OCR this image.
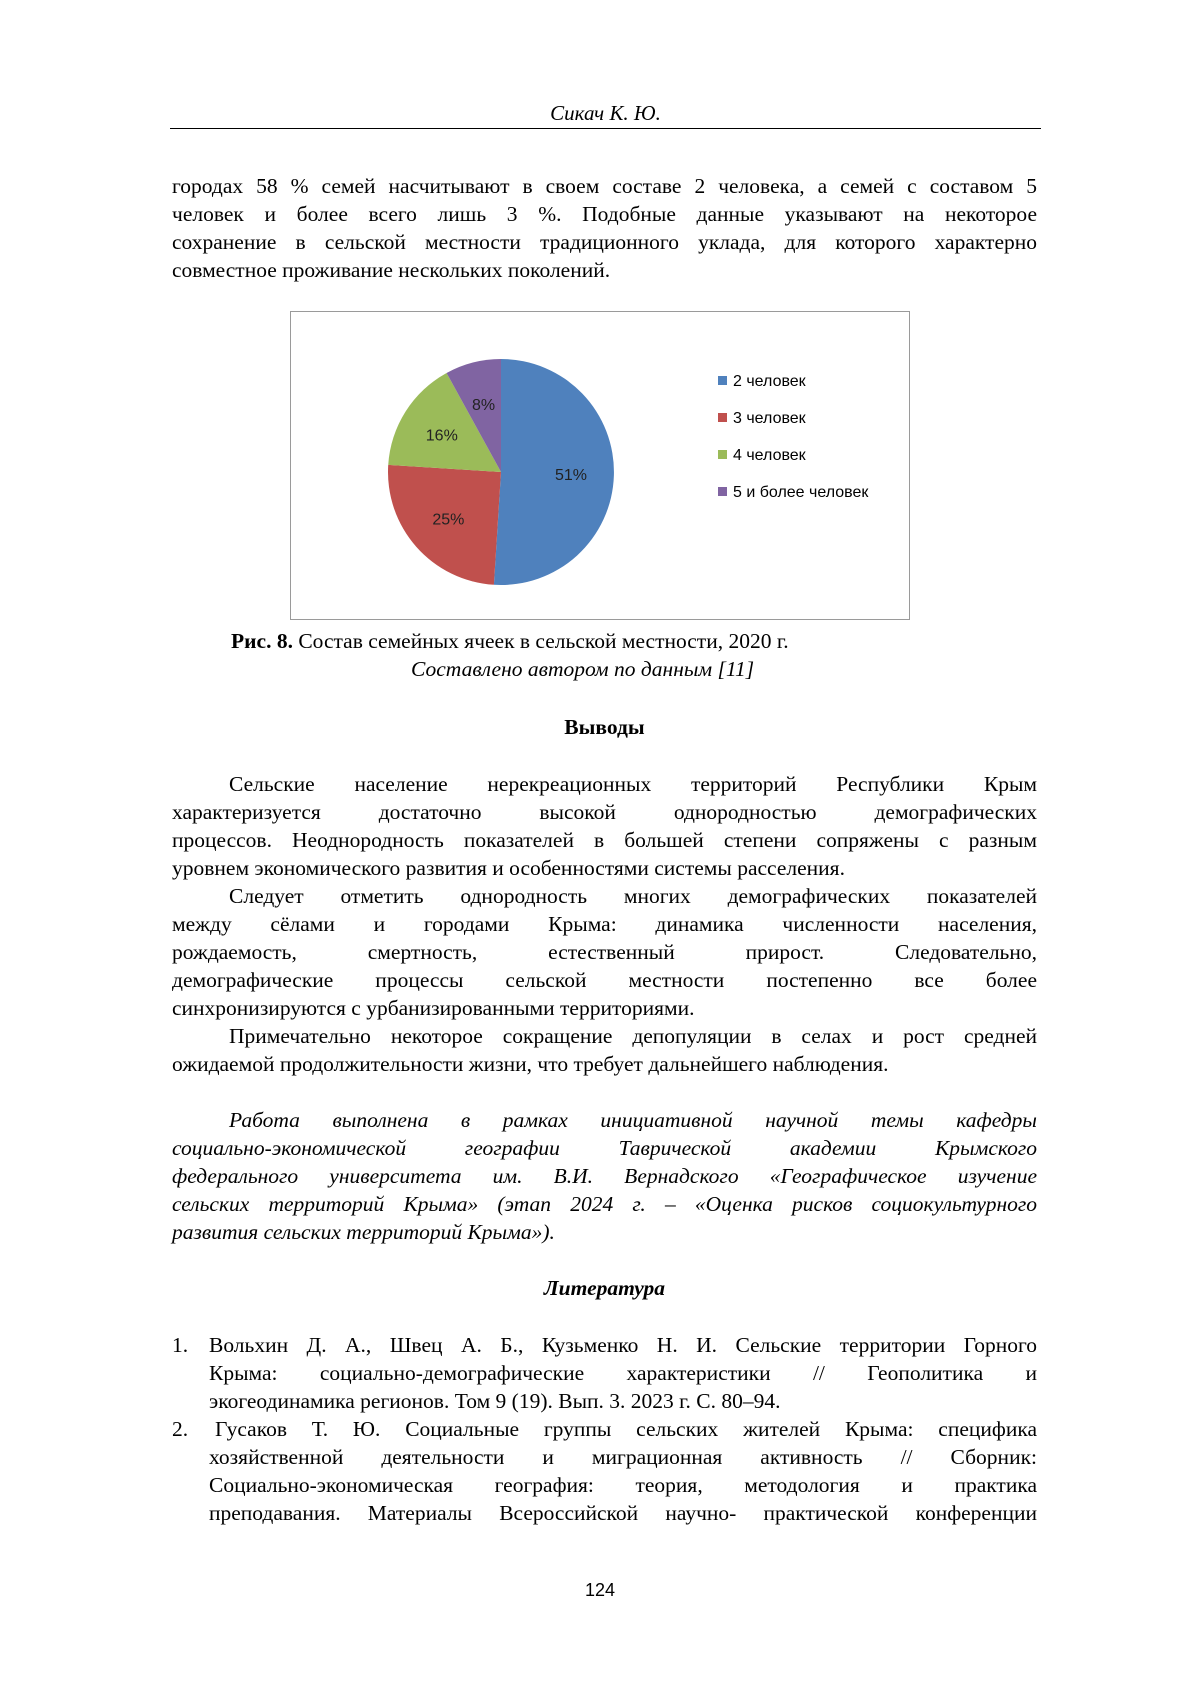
Сикач К. Ю.
городах 58 % семей насчитывают в своем составе 2 человека, а семей с составом 5
человек и более всего лишь 3 %. Подобные данные указывают на некоторое
сохранение в сельской местности традиционного уклада, для которого характерно
совместное проживание нескольких поколений.
51%
25%
16%
8%
2 человек
3 человек
4 человек
5 и более человек
Рис. 8. Состав семейных ячеек в сельской местности, 2020 г.
Составлено автором по данным [11]
Выводы
Сельские население нерекреационных территорий Республики Крым
характеризуется достаточно высокой однородностью демографических
процессов. Неоднородность показателей в большей степени сопряжены с разным
уровнем экономического развития и особенностями системы расселения.
Следует отметить однородность многих демографических показателей
между сёлами и городами Крыма: динамика численности населения,
рождаемость, смертность, естественный прирост. Следовательно,
демографические процессы сельской местности постепенно все более
синхронизируются с урбанизированными территориями.
Примечательно некоторое сокращение депопуляции в селах и рост средней
ожидаемой продолжительности жизни, что требует дальнейшего наблюдения.
Работа выполнена в рамках инициативной научной темы кафедры
социально-экономической географии Таврической академии Крымского
федерального университета им. В.И. Вернадского «Географическое изучение
сельских территорий Крыма» (этап 2024 г. – «Оценка рисков социокультурного
развития сельских территорий Крыма»).
Литература
1. Вольхин Д. А., Швец А. Б., Кузьменко Н. И. Сельские территории Горного
Крыма: социально-демографические характеристики // Геополитика и
экогеодинамика регионов. Том 9 (19). Вып. 3. 2023 г. С. 80–94.
2. Гусаков Т. Ю. Социальные группы сельских жителей Крыма: специфика
хозяйственной деятельности и миграционная активность // Сборник:
Социально-экономическая география: теория, методология и практика
преподавания. Материалы Всероссийской научно- практической конференции
124
